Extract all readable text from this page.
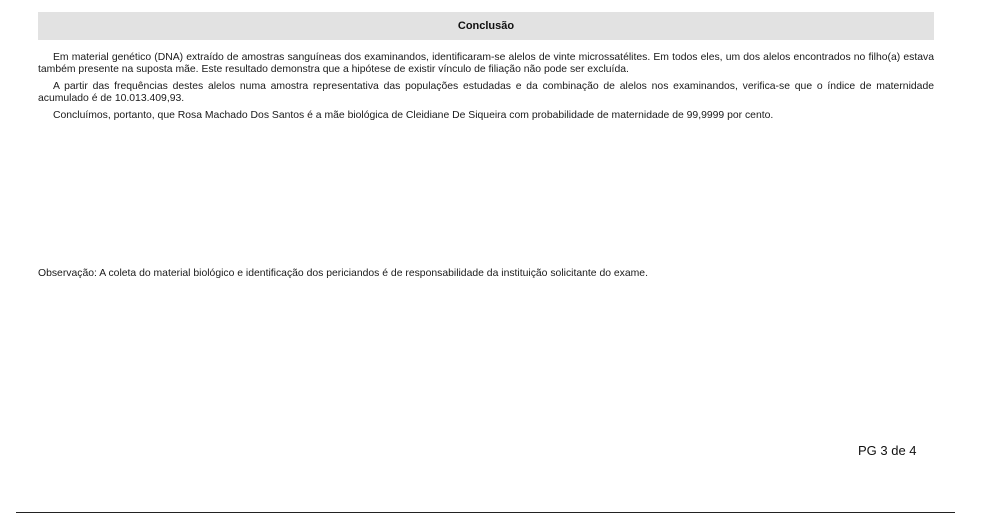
Conclusão

Em material genético (DNA) extraído de amostras sanguíneas dos examinandos, identificaram-se alelos de vinte microssatélites. Em todos eles, um dos alelos encontrados no filho(a) estava também presente na suposta mãe. Este resultado demonstra que a hipótese de existir vínculo de filiação não pode ser excluída.

A partir das frequências destes alelos numa amostra representativa das populações estudadas e da combinação de alelos nos examinandos, verifica-se que o índice de maternidade acumulado é de 10.013.409,93.

Concluímos, portanto, que Rosa Machado Dos Santos é a mãe biológica de Cleidiane De Siqueira com probabilidade de maternidade de 99,9999 por cento.

Observação: A coleta do material biológico e identificação dos periciandos é de responsabilidade da instituição solicitante do exame.

PG 3 de 4
